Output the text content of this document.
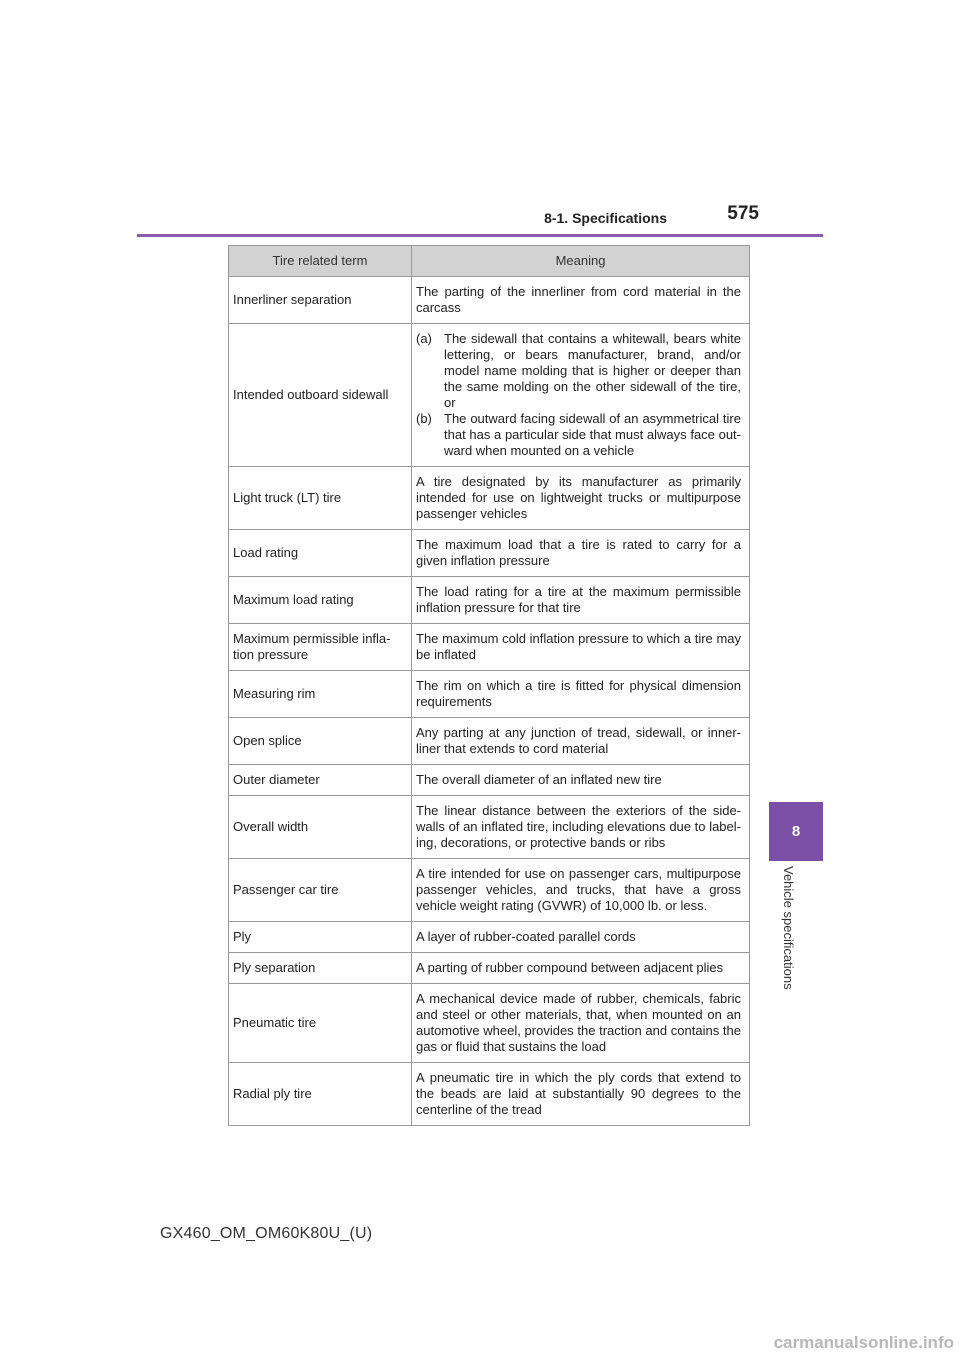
8-1. Specifications	575
8
Vehicle specifications
Tire related term	Meaning
Innerliner separation	The parting of the innerliner from cord material in the carcass
Intended outboard sidewall	(a) The sidewall that contains a whitewall, bears white lettering, or bears manufacturer, brand, and/or model name molding that is higher or deeper than the same molding on the other sidewall of the tire, or
(b) The outward facing sidewall of an asymmetrical tire that has a particular side that must always face out-ward when mounted on a vehicle

Light truck (LT) tire	A tire designated by its manufacturer as primarily intended for use on lightweight trucks or multipurpose passenger vehicles
Load rating	The maximum load that a tire is rated to carry for a given inflation pressure
Maximum load rating	The load rating for a tire at the maximum permissible inflation pressure for that tire
Maximum permissible infla-tion pressure	The maximum cold inflation pressure to which a tire may be inflated
Measuring rim	The rim on which a tire is fitted for physical dimension requirements
Open splice	Any parting at any junction of tread, sidewall, or inner-liner that extends to cord material
Outer diameter	The overall diameter of an inflated new tire
Overall width	The linear distance between the exteriors of the side-walls of an inflated tire, including elevations due to label-ing, decorations, or protective bands or ribs
Passenger car tire	A tire intended for use on passenger cars, multipurpose passenger vehicles, and trucks, that have a gross vehicle weight rating (GVWR) of 10,000 lb. or less.
Ply	A layer of rubber-coated parallel cords
Ply separation	A parting of rubber compound between adjacent plies
Pneumatic tire	A mechanical device made of rubber, chemicals, fabric and steel or other materials, that, when mounted on an automotive wheel, provides the traction and contains the gas or fluid that sustains the load
Radial ply tire	A pneumatic tire in which the ply cords that extend to the beads are laid at substantially 90 degrees to the centerline of the tread
GX460_OM_OM60K80U_(U)
carmanualsonline.info
